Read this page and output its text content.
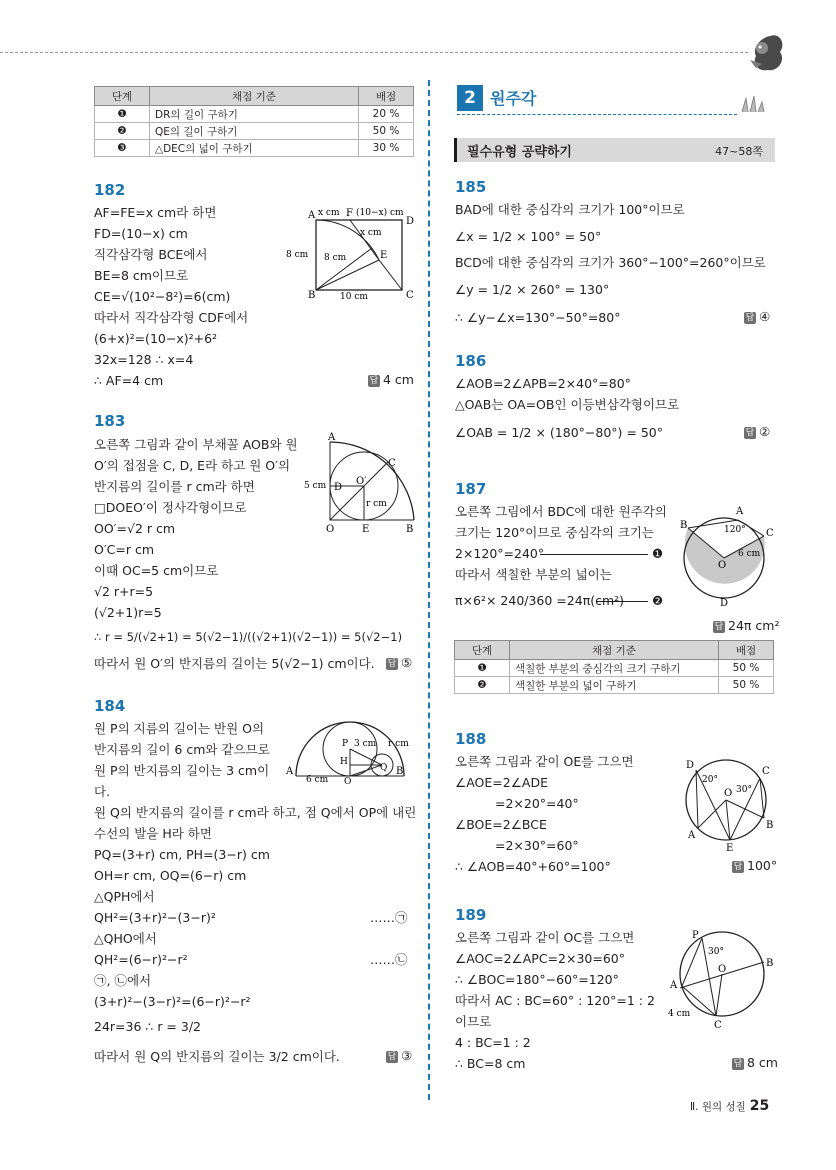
단계	채점 기준	배점
❶	DR의 길이 구하기	20 %
❷	QE의 길이 구하기	50 %
❸	△DEC의 넓이 구하기	30 %
182
AF=FE=x cm라 하면
FD=(10−x) cm
직각삼각형 BCE에서
BE=8 cm이므로
CE=√(10²−8²)=6(cm)
따라서 직각삼각형 CDF에서
(6+x)²=(10−x)²+6²
32x=128 ∴ x=4
∴ AF=4 cm	답 4 cm
A
D
B	C
F
E
x cm (10−x) cm
x cm
8 cm 8 cm
10 cm
183
오른쪽 그림과 같이 부채꼴 AOB와 원
O′의 접점을 C, D, E라 하고 원 O′의
반지름의 길이를 r cm라 하면
□DOEO′이 정사각형이므로
OO′=√2 r cm
O′C=r cm
이때 OC=5 cm이므로
√2 r+r=5
(√2+1)r=5
∴ r = 5/(√2+1) = 5(√2−1)/((√2+1)(√2−1)) = 5(√2−1)
따라서 원 O′의 반지름의 길이는 5(√2−1) cm이다. 답 ⑤
A
B
C
D
E
O
O′
5 cm
r cm
184
원 P의 지름의 길이는 반원 O의
반지름의 길이 6 cm와 같으므로
원 P의 반지름의 길이는 3 cm이
다.
원 Q의 반지름의 길이를 r cm라 하고, 점 Q에서 OP에 내린
수선의 발을 H라 하면
PQ=(3+r) cm, PH=(3−r) cm
OH=r cm, OQ=(6−r) cm
△QPH에서
QH²=(3+r)²−(3−r)²	……㉠
△QHO에서
QH²=(6−r)²−r²	……㉡
㉠, ㉡에서
(3+r)²−(3−r)²=(6−r)²−r²
24r=36 ∴ r = 3/2
따라서 원 Q의 반지름의 길이는 3/2 cm이다.	답 ③
A	B
O
P
Q
H
3 cm r cm
6 cm
2 원주각
필수유형 공략하기	47~58쪽
185
BAD에 대한 중심각의 크기가 100°이므로
∠x = 1/2 × 100° = 50°
BCD에 대한 중심각의 크기가 360°−100°=260°이므로
∠y = 1/2 × 260° = 130°
∴ ∠y−∠x=130°−50°=80°	답 ④
186
∠AOB=2∠APB=2×40°=80°
△OAB는 OA=OB인 이등변삼각형이므로
∠OAB = 1/2 × (180°−80°) = 50°	답 ②
187
오른쪽 그림에서 BDC에 대한 원주각의
크기는 120°이므로 중심각의 크기는
2×120°=240°	❶
따라서 색칠한 부분의 넓이는
π×6²× 240/360 =24π(cm²) ❷
답 24π cm²
A
B
C
D
O
120°
6 cm
단계	채점 기준	배점
❶	색칠한 부분의 중심각의 크기 구하기	50 %
❷	색칠한 부분의 넓이 구하기	50 %
188
오른쪽 그림과 같이 OE를 그으면
∠AOE=2∠ADE
=2×20°=40°
∠BOE=2∠BCE
=2×30°=60°
∴ ∠AOB=40°+60°=100°	답 100°
D
C
A
B
E
O
20°
30°
189
오른쪽 그림과 같이 OC를 그으면
∠AOC=2∠APC=2×30=60°
∴ ∠BOC=180°−60°=120°
따라서 AC : BC=60° : 120°=1 : 2
이므로
4 : BC=1 : 2
∴ BC=8 cm	답 8 cm
P
B
A
C
O
30°
4 cm
Ⅱ. 원의 성질 25
